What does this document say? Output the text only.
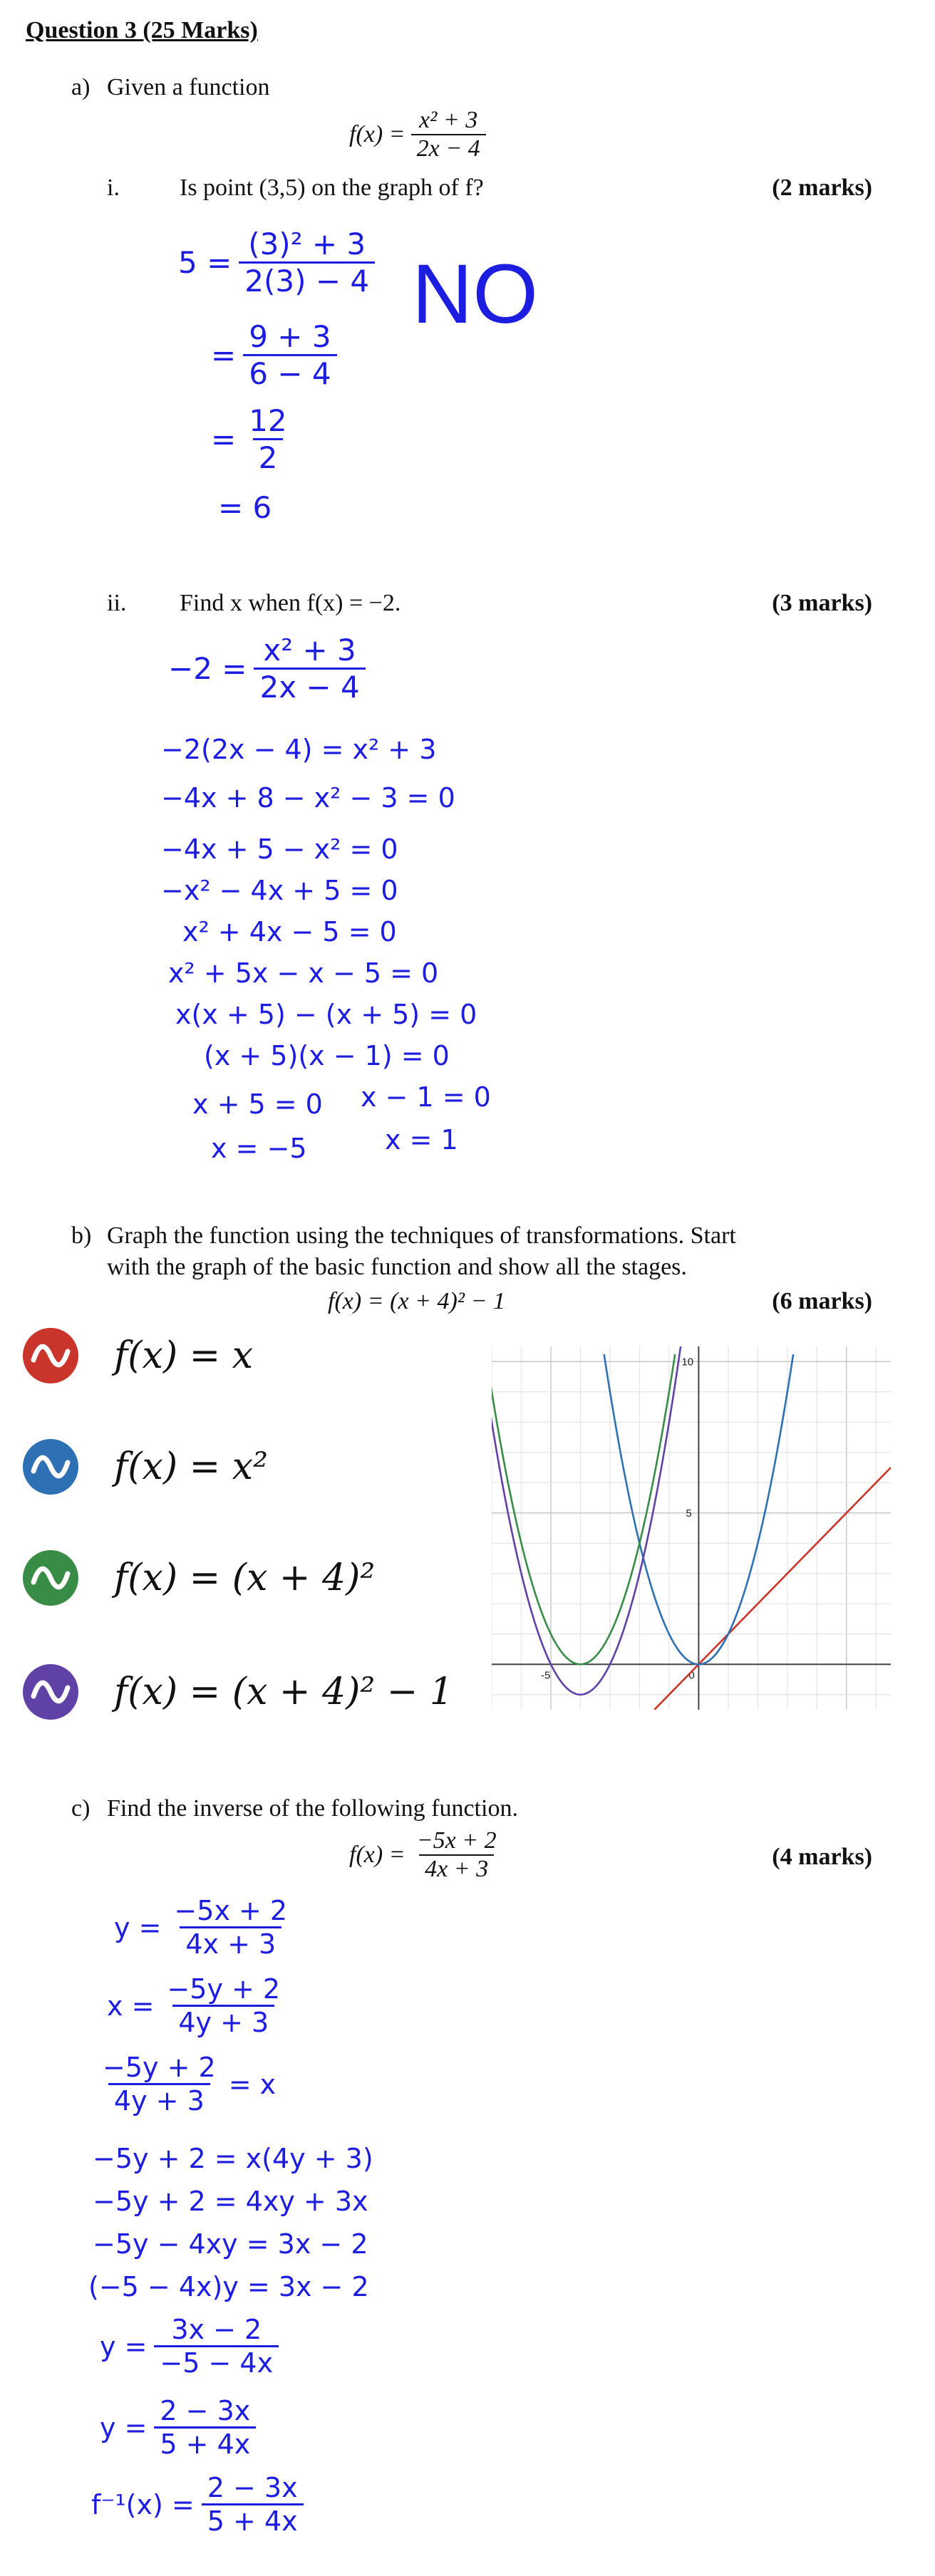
Question 3 (25 Marks)
a) Given a function
$f(x) = \frac{\text{x² + 3}}{2x - 4}$
i. Is point (3,5) on the graph of f?	(2 marks)
$5 = \frac{\text{(3)² + 3}}{2(3) - 4}$ NO
= $\frac{9 + 3}{6 - 4}$
= $\frac{12}{2}$
= 6
ii. Find x when f(x) = −2.	(3 marks)
$-2 = \frac{\text{x² + 3}}{2x - 4}$
−2(2x − 4) = x² + 3
−4x + 8 − x² − 3 = 0
−4x + 5 − x² = 0
−x² − 4x + 5 = 0
x² + 4x − 5 = 0
x² + 5x − x − 5 = 0
x(x + 5) − (x + 5) = 0
(x + 5)(x − 1) = 0
x + 5 = 0
x = −5
x − 1 = 0
x = 1
b) Graph the function using the techniques of transformations. Start
with the graph of the basic function and show all the stages.
f(x) = (x + 4)² − 1	(6 marks)
f(x) = x
f(x) = x²
f(x) = (x + 4)²
f(x) = (x + 4)² − 1	-5	0
5
10
c) Find the inverse of the following function.
$f(x) = \frac{-5x + 2}{4x + 3}$	(4 marks)
$y = \frac{-5x + 2}{4x + 3}$
$x = \frac{-5y + 2}{4y + 3}$
$\frac{-5y + 2}{4y + 3} = x$
−5y + 2 = x(4y + 3)
−5y + 2 = 4xy + 3x
−5y − 4xy = 3x − 2
(−5 − 4x)y = 3x − 2
$y = \frac{3x - 2}{-5 - 4x}$
$y = \frac{2 - 3x}{5 + 4x}$
$f^{-1}(x) = \frac{2 - 3x}{5 + 4x}$
